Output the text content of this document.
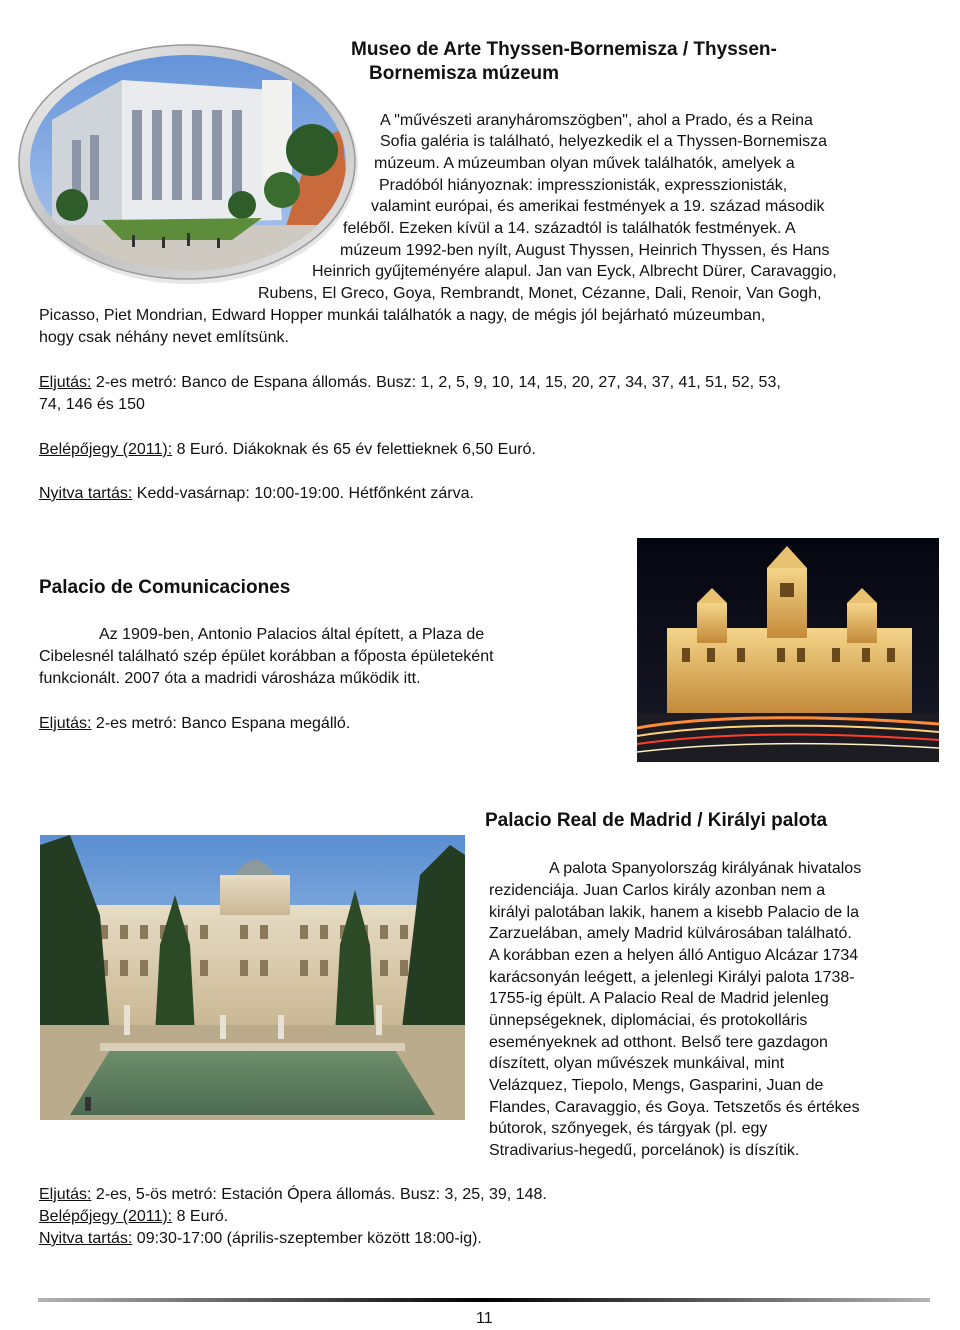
Museo de Arte Thyssen-Bornemisza / Thyssen-
Bornemisza múzeum
A "művészeti aranyháromszögben", ahol a Prado, és a Reina
Sofia galéria is található, helyezkedik el a Thyssen-Bornemisza
múzeum. A múzeumban olyan művek találhatók, amelyek a
Pradóból hiányoznak: impresszionisták, expresszionisták,
valamint európai, és amerikai festmények a 19. század második
feléből. Ezeken kívül a 14. századtól is találhatók festmények. A
múzeum 1992-ben nyílt, August Thyssen, Heinrich Thyssen, és Hans
Heinrich gyűjteményére alapul. Jan van Eyck, Albrecht Dürer, Caravaggio,
Rubens, El Greco, Goya, Rembrandt, Monet, Cézanne, Dali, Renoir, Van Gogh,
Picasso, Piet Mondrian, Edward Hopper munkái találhatók a nagy, de mégis jól bejárható múzeumban,
hogy csak néhány nevet említsünk.
Eljutás: 2-es metró: Banco de Espana állomás. Busz: 1, 2, 5, 9, 10, 14, 15, 20, 27, 34, 37, 41, 51, 52, 53,
74, 146 és 150
Belépőjegy (2011): 8 Euró. Diákoknak és 65 év felettieknek 6,50 Euró.
Nyitva tartás: Kedd-vasárnap: 10:00-19:00. Hétfőnként zárva.
Palacio de Comunicaciones
Az 1909-ben, Antonio Palacios által épített, a Plaza de
Cibelesnél található szép épület korábban a főposta épületeként
funkcionált. 2007 óta a madridi városháza működik itt.
Eljutás: 2-es metró: Banco Espana megálló.
Palacio Real de Madrid / Királyi palota
A palota Spanyolország királyának hivatalos
rezidenciája. Juan Carlos király azonban nem a
királyi palotában lakik, hanem a kisebb Palacio de la
Zarzuelában, amely Madrid külvárosában található.
A korábban ezen a helyen álló Antiguo Alcázar 1734
karácsonyán leégett, a jelenlegi Királyi palota 1738-
1755-ig épült. A Palacio Real de Madrid jelenleg
ünnepségeknek, diplomáciai, és protokolláris
eseményeknek ad otthont. Belső tere gazdagon
díszített, olyan művészek munkáival, mint
Velázquez, Tiepolo, Mengs, Gasparini, Juan de
Flandes, Caravaggio, és Goya. Tetszetős és értékes
bútorok, szőnyegek, és tárgyak (pl. egy
Stradivarius-hegedű, porcelánok) is díszítik.
Eljutás: 2-es, 5-ös metró: Estación Ópera állomás. Busz: 3, 25, 39, 148.
Belépőjegy (2011): 8 Euró.
Nyitva tartás: 09:30-17:00 (április-szeptember között 18:00-ig).
11
